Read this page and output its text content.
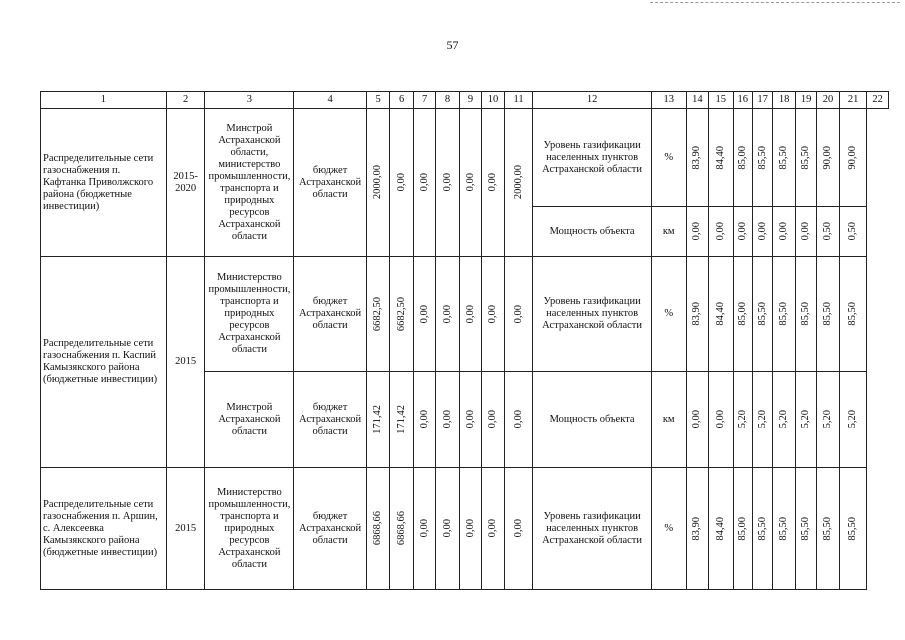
57
1	2	3	4	5	6	7	8	9	10	11	12	13	14	15	16	17	18	19	20	21	22
Распределительные сети газоснабжения п. Кафтанка Приволжского района (бюджетные инвестиции)	2015-2020	Минстрой Астраханской области, министерство промышленности, транспорта и природных ресурсов Астраханской области	бюджет Астраханской области	2000,00	0,00	0,00	0,00	0,00	0,00	2000,00	Уровень газификации населенных пунктов Астраханской области	%	83,90	84,40	85,00	85,50	85,50	85,50	90,00	90,00	

											Мощность объекта	км	0,00	0,00	0,00	0,00	0,00	0,00	0,50	0,50	

Распределительные сети газоснабжения п. Каспий Камызякского района (бюджетные инвестиции)	2015	Министерство промышленности, транспорта и природных ресурсов Астраханской области	бюджет Астраханской области	6682,50	6682,50	0,00	0,00	0,00	0,00	0,00	Уровень газификации населенных пунктов Астраханской области	%	83,90	84,40	85,00	85,50	85,50	85,50	85,50	85,50	

		Минстрой Астраханской области	бюджет Астраханской области	171,42	171,42	0,00	0,00	0,00	0,00	0,00	Мощность объекта	км	0,00	0,00	5,20	5,20	5,20	5,20	5,20	5,20	

Распределительные сети газоснабжения п. Аршин, с. Алексеевка Камызякского района (бюджетные инвестиции)	2015	Министерство промышленности, транспорта и природных ресурсов Астраханской области	бюджет Астраханской области	6868,66	6868,66	0,00	0,00	0,00	0,00	0,00	Уровень газификации населенных пунктов Астраханской области	%	83,90	84,40	85,00	85,50	85,50	85,50	85,50	85,50	
